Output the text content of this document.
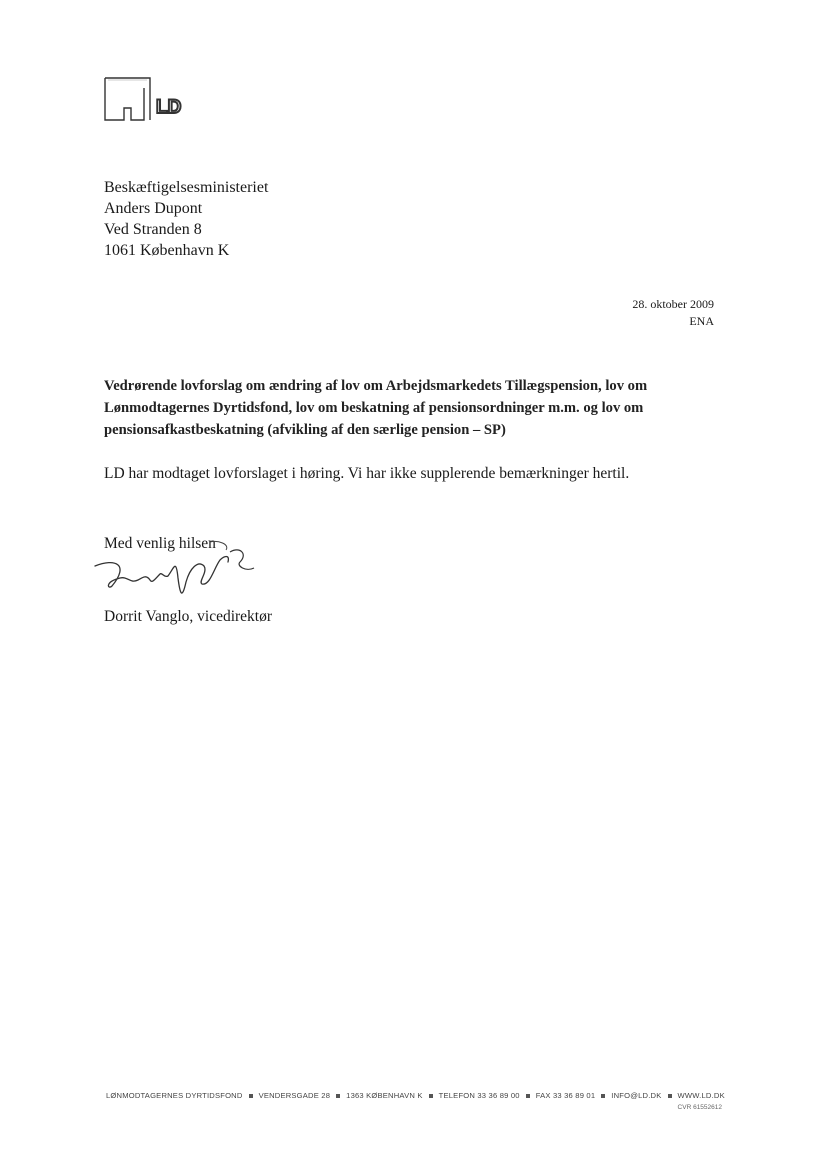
LD
Beskæftigelsesministeriet
Anders Dupont
Ved Stranden 8
1061 København K
28. oktober 2009
ENA
Vedrørende lovforslag om ændring af lov om Arbejdsmarkedets Tillægspension, lov om Lønmodtagernes Dyrtidsfond, lov om beskatning af pensionsordninger m.m. og lov om pensionsafkastbeskatning (afvikling af den særlige pension – SP)
LD har modtaget lovforslaget i høring. Vi har ikke supplerende bemærkninger hertil.
Med venlig hilsen
Dorrit Vanglo, vicedirektør
LØNMODTAGERNES DYRTIDSFOND VENDERSGADE 28 1363 KØBENHAVN K TELEFON 33 36 89 00 FAX 33 36 89 01 INFO@LD.DK WWW.LD.DK
CVR 61552612
